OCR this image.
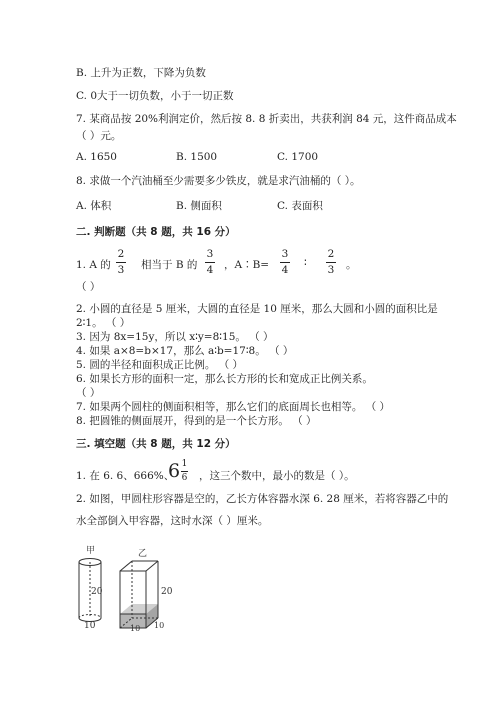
B. 上升为正数，下降为负数
C. 0大于一切负数，小于一切正数
7. 某商品按 20%利润定价，然后按 8. 8 折卖出，共获利润 84 元，这件商品成本
（ ）元。
A. 1650	B. 1500	C. 1700
8. 求做一个汽油桶至少需要多少铁皮，就是求汽油桶的（ ）。
A. 体积	B. 侧面积	C. 表面积
二. 判断题（共 8 题，共 16 分）
1. A 的
2
3 相当于 B 的
3
4 ，A∶B=
3
4
∶
2
3 。
（ ）
2. 小圆的直径是 5 厘米，大圆的直径是 10 厘米，那么大圆和小圆的面积比是
2∶1。 （ ）
3. 因为 8x=15y，所以 x∶y=8∶15。 （ ）
4. 如果 a×8=b×17，那么 a∶b=17∶8。 （ ）
5. 圆的半径和面积成正比例。 （ ）
6. 如果长方形的面积一定，那么长方形的长和宽成正比例关系。
（ ）
7. 如果两个圆柱的侧面积相等，那么它们的底面周长也相等。 （ ）
8. 把圆锥的侧面展开，得到的是一个长方形。 （ ）
三. 填空题（共 8 题，共 12 分）
1. 在 6. 6、666%、
6 1
6 ，这三个数中，最小的数是（ ）。
2. 如图，甲圆柱形容器是空的，乙长方体容器水深 6. 28 厘米，若将容器乙中的
水全部倒入甲容器，这时水深（ ）厘米。
甲
20
10
乙
20
10 10
